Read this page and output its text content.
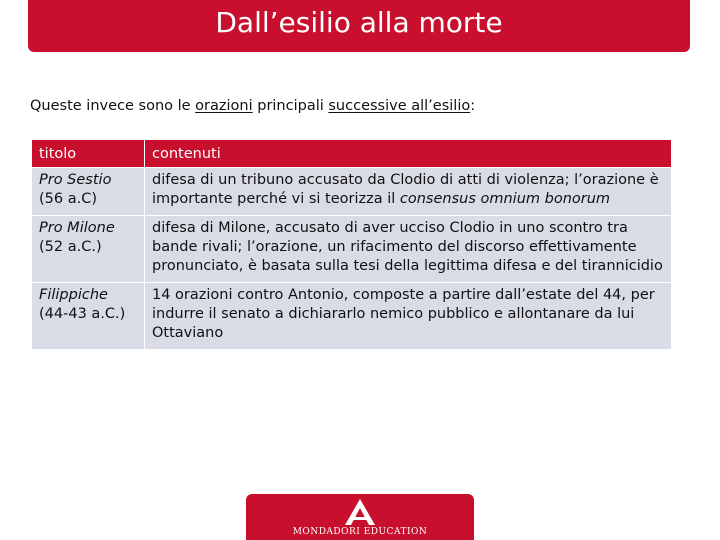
Dall’esilio alla morte
Queste invece sono le orazioni principali successive all’esilio:
titolo	contenuti

Pro Sestio
(56 a.C)	difesa di un tribuno accusato da Clodio di atti di violenza; l’orazione è importante perché vi si teorizza il consensus omnium bonorum

Pro Milone
(52 a.C.)	difesa di Milone, accusato di aver ucciso Clodio in uno scontro tra bande rivali; l’orazione, un rifacimento del discorso effettivamente pronunciato, è basata sulla tesi della legittima difesa e del tirannicidio

Filippiche
(44-43 a.C.)	14 orazioni contro Antonio, composte a partire dall’estate del 44, per indurre il senato a dichiararlo nemico pubblico e allontanare da lui Ottaviano
MONDADORI EDUCATION
